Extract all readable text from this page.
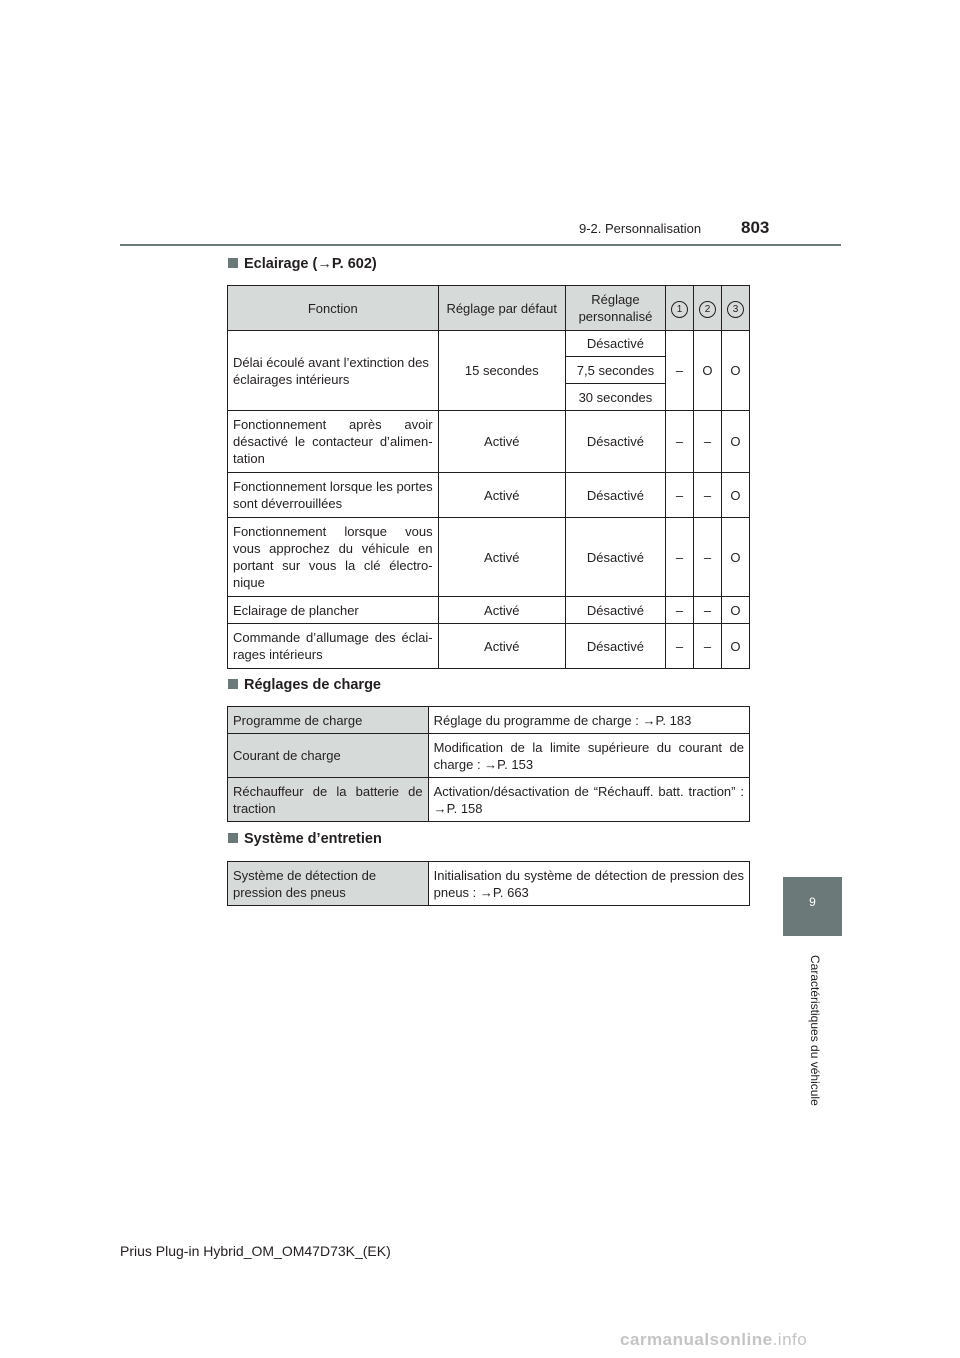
9-2. Personnalisation 803
9
Caractéristiques du véhicule
Eclairage (→P. 602)
Fonction	Réglage par défaut	Réglage personnalisé	1	2	3
Délai écoulé avant l’extinction des éclairages intérieurs	15 secondes	Désactivé	–	O	O
		7,5 secondes			
		30 secondes			
Fonctionnement après avoir désactivé le contacteur d’alimen-tation	Activé	Désactivé	–	–	O
Fonctionnement lorsque les portes sont déverrouillées	Activé	Désactivé	–	–	O
Fonctionnement lorsque vous vous approchez du véhicule en portant sur vous la clé électro-nique	Activé	Désactivé	–	–	O
Eclairage de plancher	Activé	Désactivé	–	–	O
Commande d’allumage des éclai-rages intérieurs	Activé	Désactivé	–	–	O
Réglages de charge
Programme de charge	Réglage du programme de charge : →P. 183
Courant de charge	Modification de la limite supérieure du courant de charge : →P. 153
Réchauffeur de la batterie de traction	Activation/désactivation de “Réchauff. batt. traction” : →P. 158
Système d’entretien
Système de détection de pression des pneus	Initialisation du système de détection de pression des pneus : →P. 663
Prius Plug-in Hybrid_OM_OM47D73K_(EK)
carmanualsonline.info
